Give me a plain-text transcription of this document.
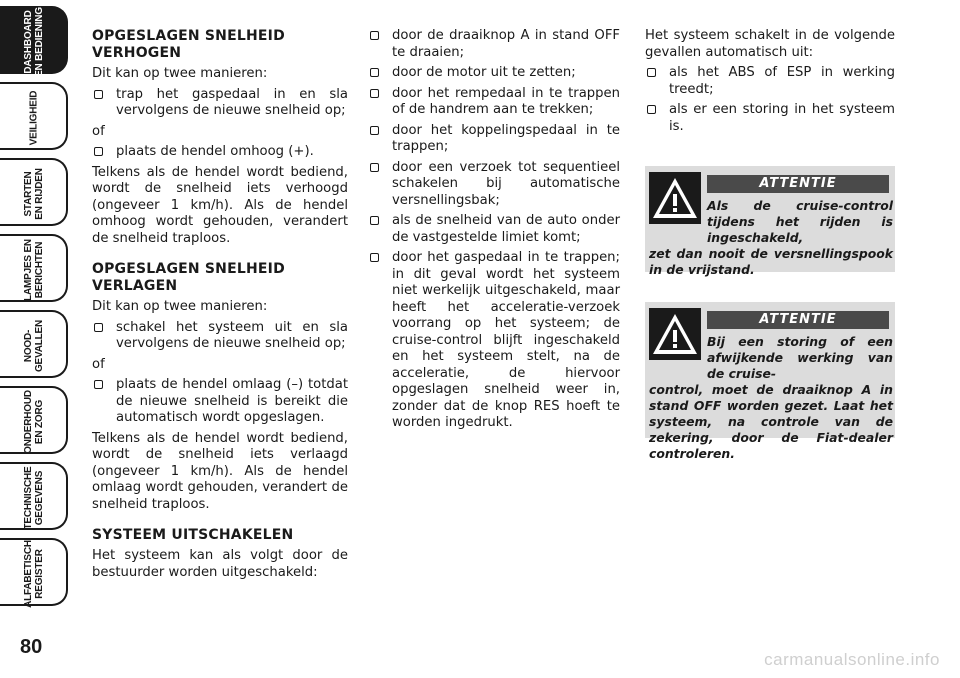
DASHBOARD
EN BEDIENING
VEILIGHEID
STARTEN
EN RIJDEN
LAMPJES EN
BERICHTEN
NOOD-
GEVALLEN
ONDERHOUD
EN ZORG
TECHNISCHE
GEGEVENS
ALFABETISCH
REGISTER
80
OPGESLAGEN SNELHEID VERHOGEN
Dit kan op twee manieren:
trap het gaspedaal in en sla vervolgens de nieuwe snelheid op;
of
plaats de hendel omhoog (+).
Telkens als de hendel wordt bediend, wordt de snelheid iets verhoogd (ongeveer 1 km/h). Als de hendel omhoog wordt gehouden, verandert de snelheid traploos.
OPGESLAGEN SNELHEID VERLAGEN
Dit kan op twee manieren:
schakel het systeem uit en sla vervolgens de nieuwe snelheid op;
of
plaats de hendel omlaag (–) totdat de nieuwe snelheid is bereikt die automatisch wordt opgeslagen.
Telkens als de hendel wordt bediend, wordt de snelheid iets verlaagd (ongeveer 1 km/h). Als de hendel omlaag wordt gehouden, verandert de snelheid traploos.
SYSTEEM UITSCHAKELEN
Het systeem kan als volgt door de bestuurder worden uitgeschakeld:
door de draaiknop A in stand OFF te draaien;
door de motor uit te zetten;
door het rempedaal in te trappen of de handrem aan te trekken;
door het koppelingspedaal in te trappen;
door een verzoek tot sequentieel schakelen bij automatische versnellingsbak;
als de snelheid van de auto onder de vastgestelde limiet komt;
door het gaspedaal in te trappen; in dit geval wordt het systeem niet werkelijk uitgeschakeld, maar heeft het acceleratie-verzoek voorrang op het systeem; de cruise-control blijft ingeschakeld en het systeem stelt, na de acceleratie, de hiervoor opgeslagen snelheid weer in, zonder dat de knop RES hoeft te worden ingedrukt.
Het systeem schakelt in de volgende gevallen automatisch uit:
als het ABS of ESP in werking treedt;
als er een storing in het systeem is.
ATTENTIE
Als de cruise-control tijdens het rijden is ingeschakeld,
zet dan nooit de versnellingspook in de vrijstand.
ATTENTIE
Bij een storing of een afwijkende werking van de cruise-
control, moet de draaiknop A in stand OFF worden gezet. Laat het systeem, na controle van de zekering, door de Fiat-dealer controleren.
carmanualsonline.info
